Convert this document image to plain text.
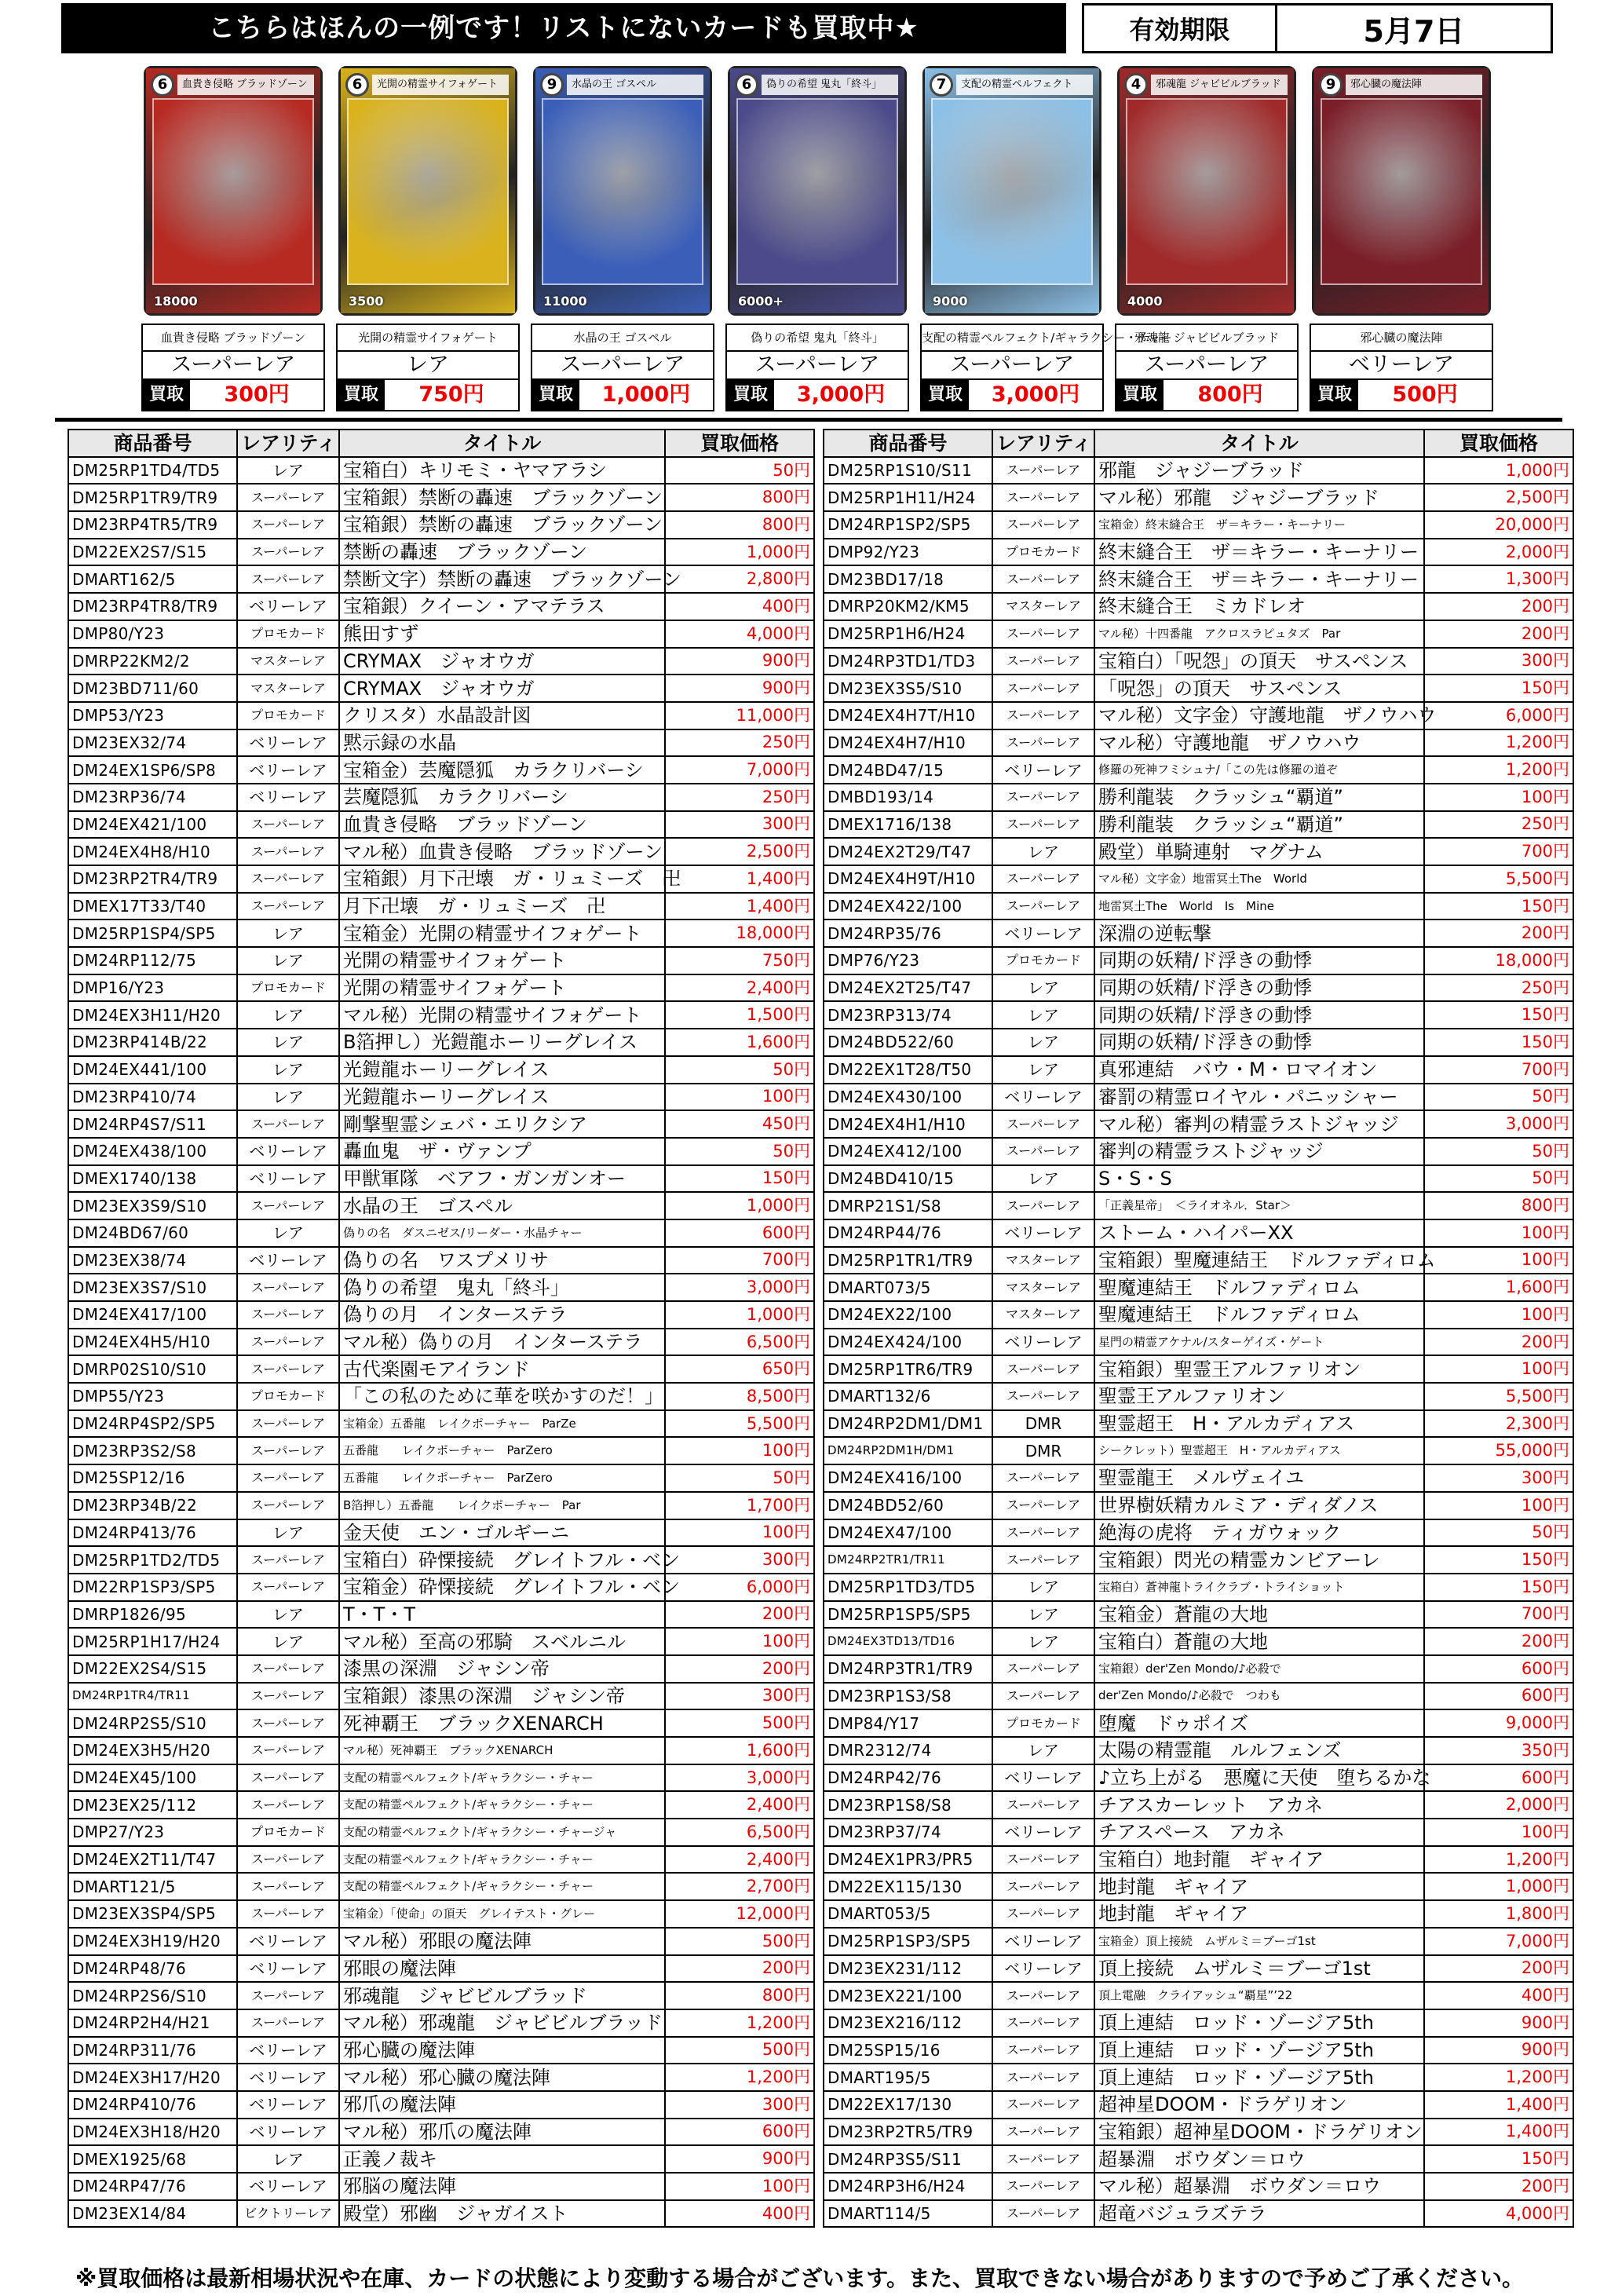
こちらはほんの一例です！リストにないカードも買取中★	有効期限	5月7日
6	血貴き侵略 ブラッドゾーン
18000
血貴き侵略 ブラッドゾーン
スーパーレア
買取	300円
6	光開の精霊サイフォゲート
3500
光開の精霊サイフォゲート
レア
買取	750円
9	水晶の王 ゴスペル
11000
水晶の王 ゴスペル
スーパーレア
買取	1,000円
6	偽りの希望 鬼丸「終斗」
6000+
偽りの希望 鬼丸「終斗」
スーパーレア
買取	3,000円
7	支配の精霊ペルフェクト
9000
支配の精霊ペルフェクト/ギャラクシー・チャー
スーパーレア
買取	3,000円
4	邪魂龍 ジャビビルブラッド
4000
邪魂龍 ジャビビルブラッド
スーパーレア
買取	800円
9	邪心臓の魔法陣
邪心臓の魔法陣
ベリーレア
買取	500円
商品番号	レアリティ	タイトル	買取価格
DM25RP1TD4/TD5	レア	宝箱白）キリモミ・ヤマアラシ	50円
DM25RP1TR9/TR9	スーパーレア	宝箱銀）禁断の轟速　ブラックゾーン	800円
DM23RP4TR5/TR9	スーパーレア	宝箱銀）禁断の轟速　ブラックゾーン	800円
DM22EX2S7/S15	スーパーレア	禁断の轟速　ブラックゾーン	1,000円
DMART162/5	スーパーレア	禁断文字）禁断の轟速　ブラックゾーン	2,800円
DM23RP4TR8/TR9	ベリーレア	宝箱銀）クイーン・アマテラス	400円
DMP80/Y23	プロモカード	熊田すず	4,000円
DMRP22KM2/2	マスターレア	CRYMAX　ジャオウガ	900円
DM23BD711/60	マスターレア	CRYMAX　ジャオウガ	900円
DMP53/Y23	プロモカード	クリスタ）水晶設計図	11,000円
DM23EX32/74	ベリーレア	黙示録の水晶	250円
DM24EX1SP6/SP8	ベリーレア	宝箱金）芸魔隠狐　カラクリバーシ	7,000円
DM23RP36/74	ベリーレア	芸魔隠狐　カラクリバーシ	250円
DM24EX421/100	スーパーレア	血貴き侵略　ブラッドゾーン	300円
DM24EX4H8/H10	スーパーレア	マル秘）血貴き侵略　ブラッドゾーン	2,500円
DM23RP2TR4/TR9	スーパーレア	宝箱銀）月下卍壊　ガ・リュミーズ　卍	1,400円
DMEX17T33/T40	スーパーレア	月下卍壊　ガ・リュミーズ　卍	1,400円
DM25RP1SP4/SP5	レア	宝箱金）光開の精霊サイフォゲート	18,000円
DM24RP112/75	レア	光開の精霊サイフォゲート	750円
DMP16/Y23	プロモカード	光開の精霊サイフォゲート	2,400円
DM24EX3H11/H20	レア	マル秘）光開の精霊サイフォゲート	1,500円
DM23RP414B/22	レア	B箔押し）光鎧龍ホーリーグレイス	1,600円
DM24EX441/100	レア	光鎧龍ホーリーグレイス	50円
DM23RP410/74	レア	光鎧龍ホーリーグレイス	100円
DM24RP4S7/S11	スーパーレア	剛撃聖霊シェバ・エリクシア	450円
DM24EX438/100	ベリーレア	轟血鬼　ザ・ヴァンプ	50円
DMEX1740/138	ベリーレア	甲獣軍隊　ベアフ・ガンガンオー	150円
DM23EX3S9/S10	スーパーレア	水晶の王　ゴスペル	1,000円
DM24BD67/60	レア	偽りの名　ダスニゼス/リーダー・水晶チャー	600円
DM23EX38/74	ベリーレア	偽りの名　ワスプメリサ	700円
DM23EX3S7/S10	スーパーレア	偽りの希望　鬼丸「終斗」	3,000円
DM24EX417/100	スーパーレア	偽りの月　インターステラ	1,000円
DM24EX4H5/H10	スーパーレア	マル秘）偽りの月　インターステラ	6,500円
DMRP02S10/S10	スーパーレア	古代楽園モアイランド	650円
DMP55/Y23	プロモカード	「この私のために華を咲かすのだ！」	8,500円
DM24RP4SP2/SP5	スーパーレア	宝箱金）五番龍　レイクポーチャー　ParZe	5,500円
DM23RP3S2/S8	スーパーレア	五番龍　　レイクポーチャー　ParZero	100円
DM25SP12/16	スーパーレア	五番龍　　レイクポーチャー　ParZero	50円
DM23RP34B/22	スーパーレア	B箔押し）五番龍　　レイクポーチャー　Par	1,700円
DM24RP413/76	レア	金天使　エン・ゴルギーニ	100円
DM25RP1TD2/TD5	スーパーレア	宝箱白）砕慄接続　グレイトフル・ベン	300円
DM22RP1SP3/SP5	スーパーレア	宝箱金）砕慄接続　グレイトフル・ベン	6,000円
DMRP1826/95	レア	T・T・T	200円
DM25RP1H17/H24	レア	マル秘）至高の邪騎　スベルニル	100円
DM22EX2S4/S15	スーパーレア	漆黒の深淵　ジャシン帝	200円
DM24RP1TR4/TR11	スーパーレア	宝箱銀）漆黒の深淵　ジャシン帝	300円
DM24RP2S5/S10	スーパーレア	死神覇王　ブラックXENARCH	500円
DM24EX3H5/H20	スーパーレア	マル秘）死神覇王　ブラックXENARCH	1,600円
DM24EX45/100	スーパーレア	支配の精霊ペルフェクト/ギャラクシー・チャー	3,000円
DM23EX25/112	スーパーレア	支配の精霊ペルフェクト/ギャラクシー・チャー	2,400円
DMP27/Y23	プロモカード	支配の精霊ペルフェクト/ギャラクシー・チャージャ	6,500円
DM24EX2T11/T47	スーパーレア	支配の精霊ペルフェクト/ギャラクシー・チャー	2,400円
DMART121/5	スーパーレア	支配の精霊ペルフェクト/ギャラクシー・チャー	2,700円
DM23EX3SP4/SP5	スーパーレア	宝箱金）「使命」の頂天　グレイテスト・グレー	12,000円
DM24EX3H19/H20	ベリーレア	マル秘）邪眼の魔法陣	500円
DM24RP48/76	ベリーレア	邪眼の魔法陣	200円
DM24RP2S6/S10	スーパーレア	邪魂龍　ジャビビルブラッド	800円
DM24RP2H4/H21	スーパーレア	マル秘）邪魂龍　ジャビビルブラッド	1,200円
DM24RP311/76	ベリーレア	邪心臓の魔法陣	500円
DM24EX3H17/H20	ベリーレア	マル秘）邪心臓の魔法陣	1,200円
DM24RP410/76	ベリーレア	邪爪の魔法陣	300円
DM24EX3H18/H20	ベリーレア	マル秘）邪爪の魔法陣	600円
DMEX1925/68	レア	正義ノ裁キ	900円
DM24RP47/76	ベリーレア	邪脳の魔法陣	100円
DM23EX14/84	ビクトリーレア	殿堂）邪幽　ジャガイスト	400円
商品番号	レアリティ	タイトル	買取価格
DM25RP1S10/S11	スーパーレア	邪龍　ジャジーブラッド	1,000円
DM25RP1H11/H24	スーパーレア	マル秘）邪龍　ジャジーブラッド	2,500円
DM24RP1SP2/SP5	スーパーレア	宝箱金）終末縫合王　ザ＝キラー・キーナリー	20,000円
DMP92/Y23	プロモカード	終末縫合王　ザ＝キラー・キーナリー	2,000円
DM23BD17/18	スーパーレア	終末縫合王　ザ＝キラー・キーナリー	1,300円
DMRP20KM2/KM5	マスターレア	終末縫合王　ミカドレオ	200円
DM25RP1H6/H24	スーパーレア	マル秘）十四番龍　アクロスラピュタズ　Par	200円
DM24RP3TD1/TD3	スーパーレア	宝箱白）「呪怨」の頂天　サスペンス	300円
DM23EX3S5/S10	スーパーレア	「呪怨」の頂天　サスペンス	150円
DM24EX4H7T/H10	スーパーレア	マル秘）文字金）守護地龍　ザノウハウ	6,000円
DM24EX4H7/H10	スーパーレア	マル秘）守護地龍　ザノウハウ	1,200円
DM24BD47/15	ベリーレア	修羅の死神フミシュナ/「この先は修羅の道ぞ	1,200円
DMBD193/14	スーパーレア	勝利龍装　クラッシュ“覇道”	100円
DMEX1716/138	スーパーレア	勝利龍装　クラッシュ“覇道”	250円
DM24EX2T29/T47	レア	殿堂）単騎連射　マグナム	700円
DM24EX4H9T/H10	スーパーレア	マル秘）文字金）地雷冥土The　World	5,500円
DM24EX422/100	スーパーレア	地雷冥土The　World　Is　Mine	150円
DM24RP35/76	ベリーレア	深淵の逆転撃	200円
DMP76/Y23	プロモカード	同期の妖精/ド浮きの動悸	18,000円
DM24EX2T25/T47	レア	同期の妖精/ド浮きの動悸	250円
DM23RP313/74	レア	同期の妖精/ド浮きの動悸	150円
DM24BD522/60	レア	同期の妖精/ド浮きの動悸	150円
DM22EX1T28/T50	レア	真邪連結　バウ・M・ロマイオン	700円
DM24EX430/100	ベリーレア	審罰の精霊ロイヤル・パニッシャー	50円
DM24EX4H1/H10	スーパーレア	マル秘）審判の精霊ラストジャッジ	3,000円
DM24EX412/100	スーパーレア	審判の精霊ラストジャッジ	50円
DM24BD410/15	レア	S・S・S	50円
DMRP21S1/S8	スーパーレア	「正義星帝」　＜ライオネル．Star＞	800円
DM24RP44/76	ベリーレア	ストーム・ハイパーXX	100円
DM25RP1TR1/TR9	マスターレア	宝箱銀）聖魔連結王　ドルファディロム	100円
DMART073/5	マスターレア	聖魔連結王　ドルファディロム	1,600円
DM24EX22/100	マスターレア	聖魔連結王　ドルファディロム	100円
DM24EX424/100	ベリーレア	星門の精霊アケナル/スターゲイズ・ゲート	200円
DM25RP1TR6/TR9	スーパーレア	宝箱銀）聖霊王アルファリオン	100円
DMART132/6	スーパーレア	聖霊王アルファリオン	5,500円
DM24RP2DM1/DM1	DMR	聖霊超王　H・アルカディアス	2,300円
DM24RP2DM1H/DM1	DMR	シークレット）聖霊超王　H・アルカディアス	55,000円
DM24EX416/100	スーパーレア	聖霊龍王　メルヴェイユ	300円
DM24BD52/60	スーパーレア	世界樹妖精カルミア・ディダノス	100円
DM24EX47/100	スーパーレア	絶海の虎将　ティガウォック	50円
DM24RP2TR1/TR11	スーパーレア	宝箱銀）閃光の精霊カンビアーレ	150円
DM25RP1TD3/TD5	レア	宝箱白）蒼神龍トライクラブ・トライショット	150円
DM25RP1SP5/SP5	レア	宝箱金）蒼龍の大地	700円
DM24EX3TD13/TD16	レア	宝箱白）蒼龍の大地	200円
DM24RP3TR1/TR9	スーパーレア	宝箱銀）der'Zen Mondo/♪必殺で	600円
DM23RP1S3/S8	スーパーレア	der'Zen Mondo/♪必殺で　つわも	600円
DMP84/Y17	プロモカード	堕魔　ドゥポイズ	9,000円
DMR2312/74	レア	太陽の精霊龍　ルルフェンズ	350円
DM24RP42/76	ベリーレア	♪立ち上がる　悪魔に天使　堕ちるかな	600円
DM23RP1S8/S8	スーパーレア	チアスカーレット　アカネ	2,000円
DM23RP37/74	ベリーレア	チアスペース　アカネ	100円
DM24EX1PR3/PR5	スーパーレア	宝箱白）地封龍　ギャイア	1,200円
DM22EX115/130	スーパーレア	地封龍　ギャイア	1,000円
DMART053/5	スーパーレア	地封龍　ギャイア	1,800円
DM25RP1SP3/SP5	ベリーレア	宝箱金）頂上接続　ムザルミ＝ブーゴ1st	7,000円
DM23EX231/112	ベリーレア	頂上接続　ムザルミ＝ブーゴ1st	200円
DM23EX221/100	スーパーレア	頂上電融　クライアッシュ“覇星”’22	400円
DM23EX216/112	スーパーレア	頂上連結　ロッド・ゾージア5th	900円
DM25SP15/16	スーパーレア	頂上連結　ロッド・ゾージア5th	900円
DMART195/5	スーパーレア	頂上連結　ロッド・ゾージア5th	1,200円
DM22EX17/130	スーパーレア	超神星DOOM・ドラゲリオン	1,400円
DM23RP2TR5/TR9	スーパーレア	宝箱銀）超神星DOOM・ドラゲリオン	1,400円
DM24RP3S5/S11	スーパーレア	超暴淵　ボウダン＝ロウ	150円
DM24RP3H6/H24	スーパーレア	マル秘）超暴淵　ボウダン＝ロウ	200円
DMART114/5	スーパーレア	超竜バジュラズテラ	4,000円
※買取価格は最新相場状況や在庫、カードの状態により変動する場合がございます。また、買取できない場合がありますので予めご了承ください。
